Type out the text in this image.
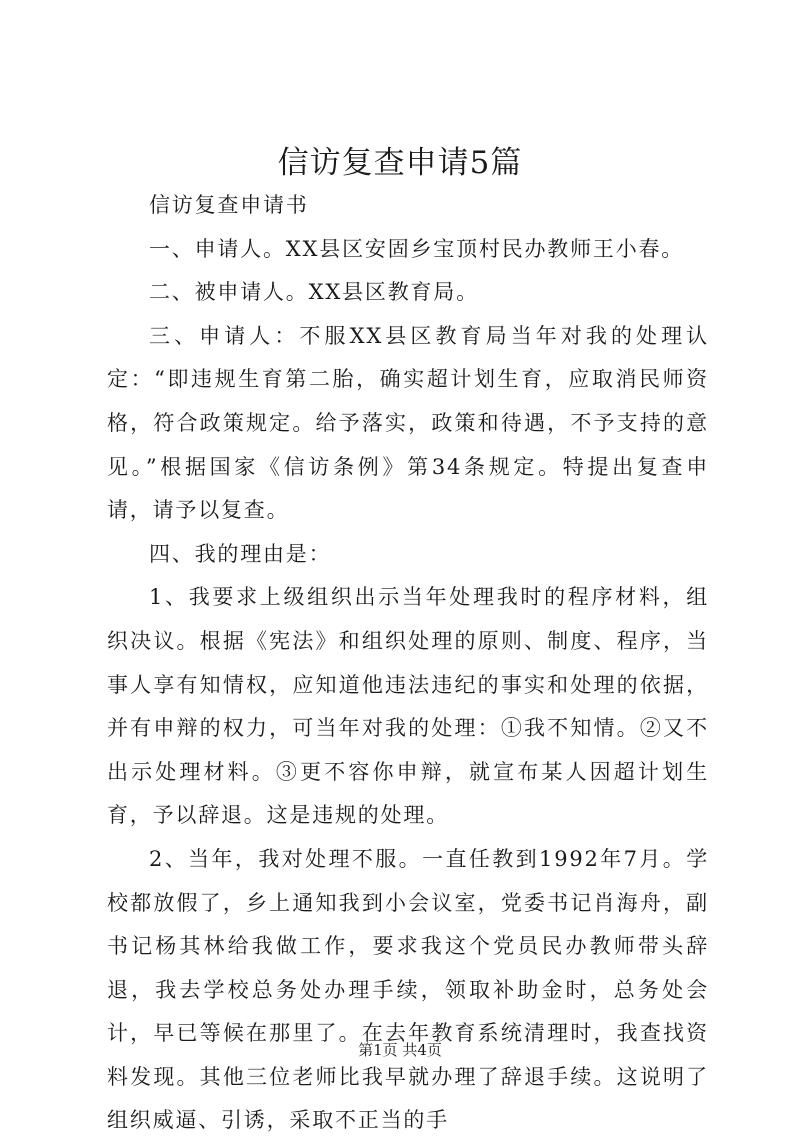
信访复查申请5篇

信访复查申请书

一、申请人。XX县区安固乡宝顶村民办教师王小春。

二、被申请人。XX县区教育局。

三、申请人：不服XX县区教育局当年对我的处理认定：“即违规生育第二胎，确实超计划生育，应取消民师资格，符合政策规定。给予落实，政策和待遇，不予支持的意见。”根据国家《信访条例》第34条规定。特提出复查申请，请予以复查。

四、我的理由是：

1、我要求上级组织出示当年处理我时的程序材料，组织决议。根据《宪法》和组织处理的原则、制度、程序，当事人享有知情权，应知道他违法违纪的事实和处理的依据，并有申辩的权力，可当年对我的处理：①我不知情。②又不出示处理材料。③更不容你申辩，就宣布某人因超计划生育，予以辞退。这是违规的处理。

2、当年，我对处理不服。一直任教到1992年7月。学校都放假了，乡上通知我到小会议室，党委书记肖海舟，副书记杨其林给我做工作，要求我这个党员民办教师带头辞退，我去学校总务处办理手续，领取补助金时，总务处会计，早已等候在那里了。在去年教育系统清理时，我查找资料发现。其他三位老师比我早就办理了辞退手续。这说明了组织威逼、引诱，采取不正当的手

第1页 共4页
